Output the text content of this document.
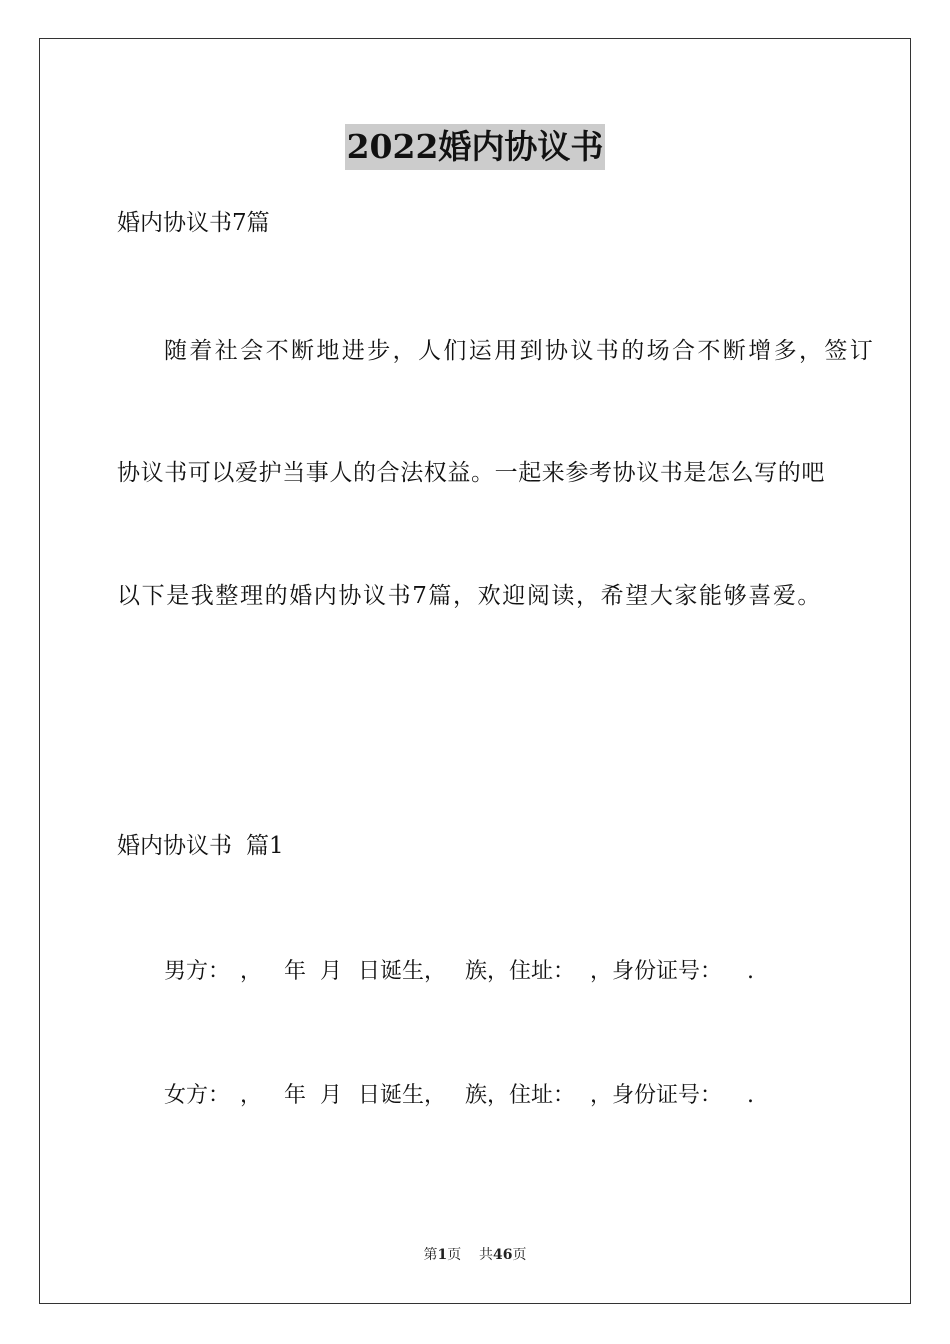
2022婚内协议书
婚内协议书7篇
随着社会不断地进步，人们运用到协议书的场合不断增多，签订
协议书可以爱护当事人的合法权益。一起来参考协议书是怎么写的吧
以下是我整理的婚内协议书7篇，欢迎阅读，希望大家能够喜爱。
婚内协议书 篇1
男方： ， 年 月 日诞生， 族，住址： ，身份证号： .
女方： ， 年 月 日诞生， 族，住址： ，身份证号： .
第1页 共46页
